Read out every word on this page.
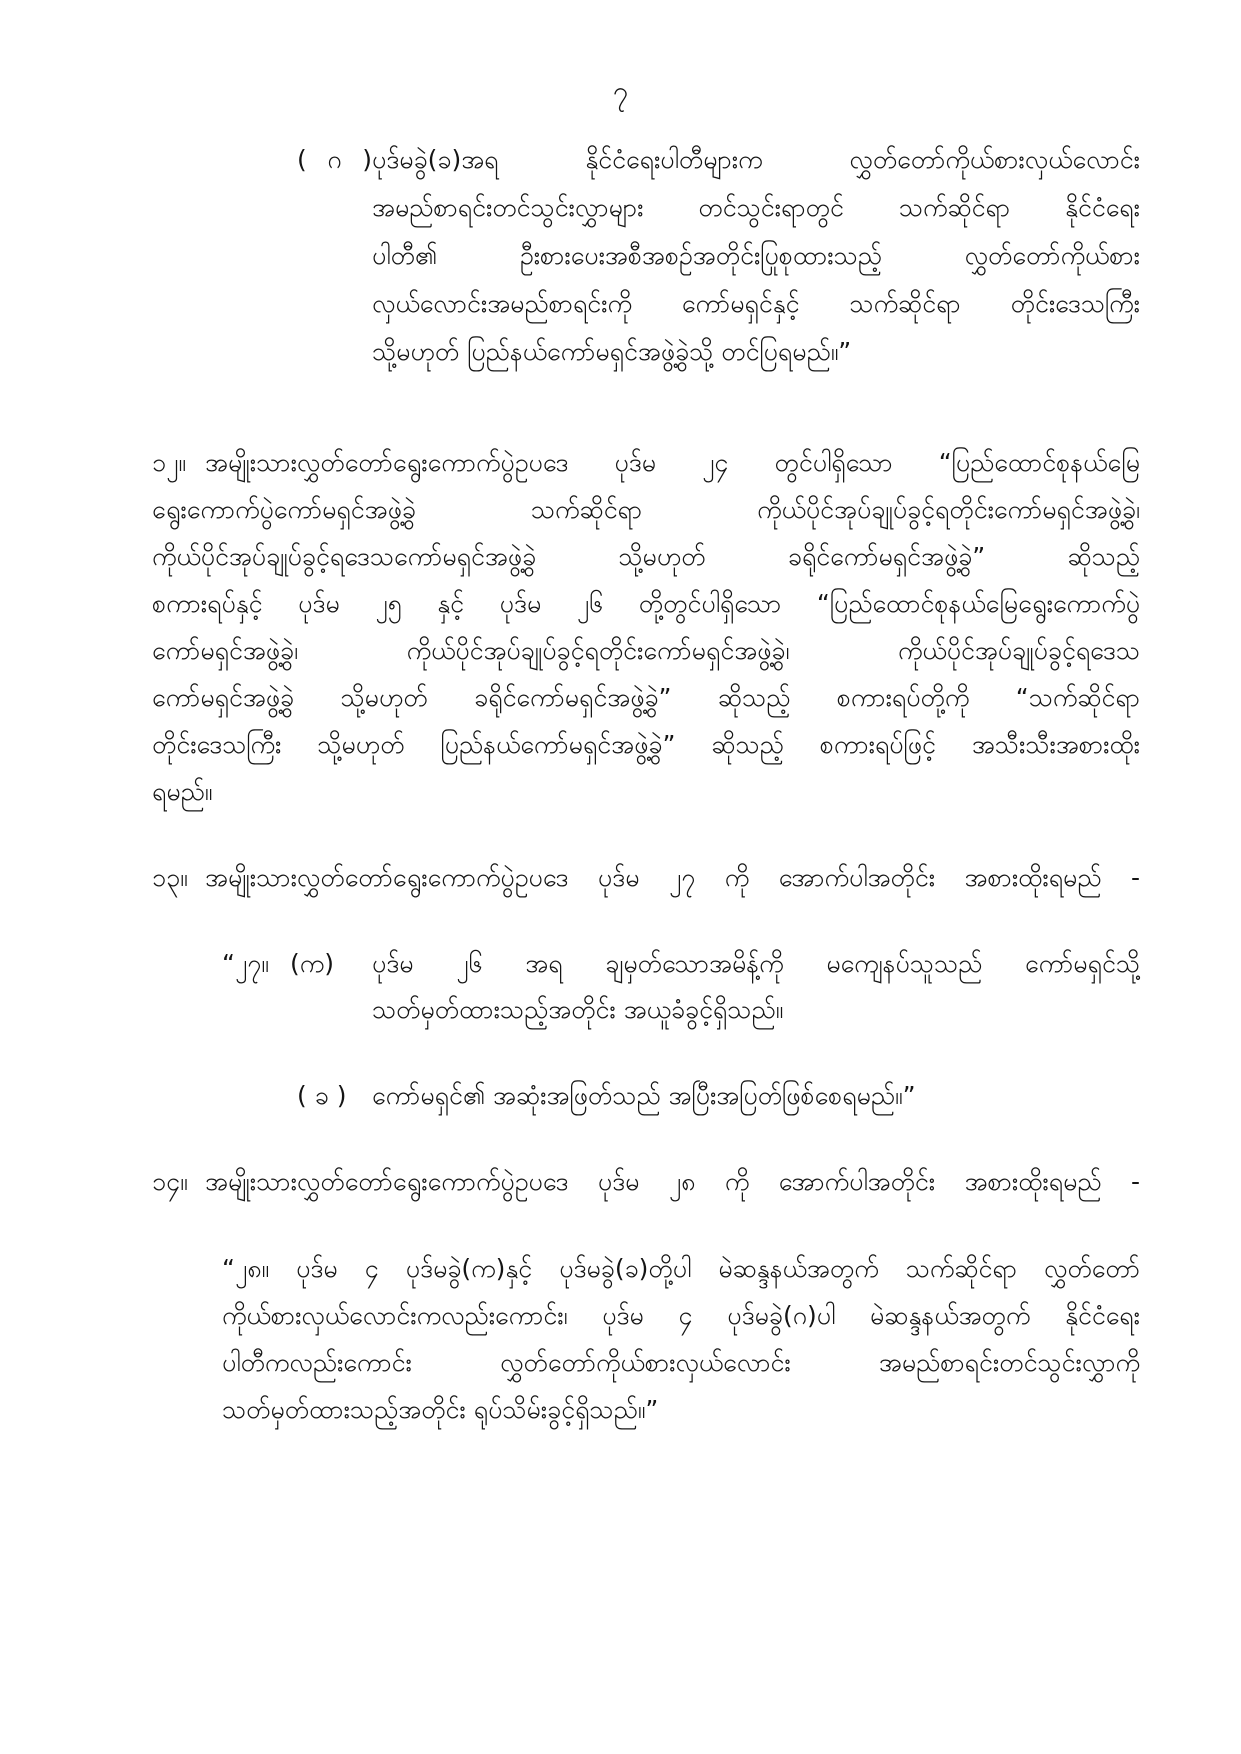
၇
( ဂ ) ပုဒ်မခွဲ(ခ)အရ နိုင်ငံရေးပါတီများက လွှတ်တော်ကိုယ်စားလှယ်လောင်း
အမည်စာရင်းတင်သွင်းလွှာများ တင်သွင်းရာတွင် သက်ဆိုင်ရာ နိုင်ငံရေး
ပါတီ၏ ဦးစားပေးအစီအစဉ်အတိုင်းပြုစုထားသည့် လွှတ်တော်ကိုယ်စား
လှယ်လောင်းအမည်စာရင်းကို ကော်မရှင်နှင့် သက်ဆိုင်ရာ တိုင်းဒေသကြီး
သို့မဟုတ် ပြည်နယ်ကော်မရှင်အဖွဲ့ခွဲသို့ တင်ပြရမည်။”
၁၂။ အမျိုးသားလွှတ်တော်ရွေးကောက်ပွဲဥပဒေ ပုဒ်မ ၂၄ တွင်ပါရှိသော “ပြည်ထောင်စုနယ်မြေ
ရွေးကောက်ပွဲကော်မရှင်အဖွဲ့ခွဲ သက်ဆိုင်ရာ ကိုယ်ပိုင်အုပ်ချုပ်ခွင့်ရတိုင်းကော်မရှင်အဖွဲ့ခွဲ၊
ကိုယ်ပိုင်အုပ်ချုပ်ခွင့်ရဒေသကော်မရှင်အဖွဲ့ခွဲ သို့မဟုတ် ခရိုင်ကော်မရှင်အဖွဲ့ခွဲ” ဆိုသည့်
စကားရပ်နှင့် ပုဒ်မ ၂၅ နှင့် ပုဒ်မ ၂၆ တို့တွင်ပါရှိသော “ပြည်ထောင်စုနယ်မြေရွေးကောက်ပွဲ
ကော်မရှင်အဖွဲ့ခွဲ၊ ကိုယ်ပိုင်အုပ်ချုပ်ခွင့်ရတိုင်းကော်မရှင်အဖွဲ့ခွဲ၊ ကိုယ်ပိုင်အုပ်ချုပ်ခွင့်ရဒေသ
ကော်မရှင်အဖွဲ့ခွဲ သို့မဟုတ် ခရိုင်ကော်မရှင်အဖွဲ့ခွဲ” ဆိုသည့် စကားရပ်တို့ကို “သက်ဆိုင်ရာ
တိုင်းဒေသကြီး သို့မဟုတ် ပြည်နယ်ကော်မရှင်အဖွဲ့ခွဲ” ဆိုသည့် စကားရပ်ဖြင့် အသီးသီးအစားထိုး
ရမည်။
၁၃။ အမျိုးသားလွှတ်တော်ရွေးကောက်ပွဲဥပဒေ ပုဒ်မ ၂၇ ကို အောက်ပါအတိုင်း အစားထိုးရမည် -
“၂၇။ (က)	ပုဒ်မ ၂၆ အရ ချမှတ်သောအမိန့်ကို မကျေနပ်သူသည် ကော်မရှင်သို့
သတ်မှတ်ထားသည့်အတိုင်း အယူခံခွင့်ရှိသည်။
( ခ )	ကော်မရှင်၏ အဆုံးအဖြတ်သည် အပြီးအပြတ်ဖြစ်စေရမည်။”
၁၄။ အမျိုးသားလွှတ်တော်ရွေးကောက်ပွဲဥပဒေ ပုဒ်မ ၂၈ ကို အောက်ပါအတိုင်း အစားထိုးရမည် -
“၂၈။ ပုဒ်မ ၄ ပုဒ်မခွဲ(က)နှင့် ပုဒ်မခွဲ(ခ)တို့ပါ မဲဆန္ဒနယ်အတွက် သက်ဆိုင်ရာ လွှတ်တော်
ကိုယ်စားလှယ်လောင်းကလည်းကောင်း၊ ပုဒ်မ ၄ ပုဒ်မခွဲ(ဂ)ပါ မဲဆန္ဒနယ်အတွက် နိုင်ငံရေး
ပါတီကလည်းကောင်း လွှတ်တော်ကိုယ်စားလှယ်လောင်း အမည်စာရင်းတင်သွင်းလွှာကို
သတ်မှတ်ထားသည့်အတိုင်း ရုပ်သိမ်းခွင့်ရှိသည်။”
